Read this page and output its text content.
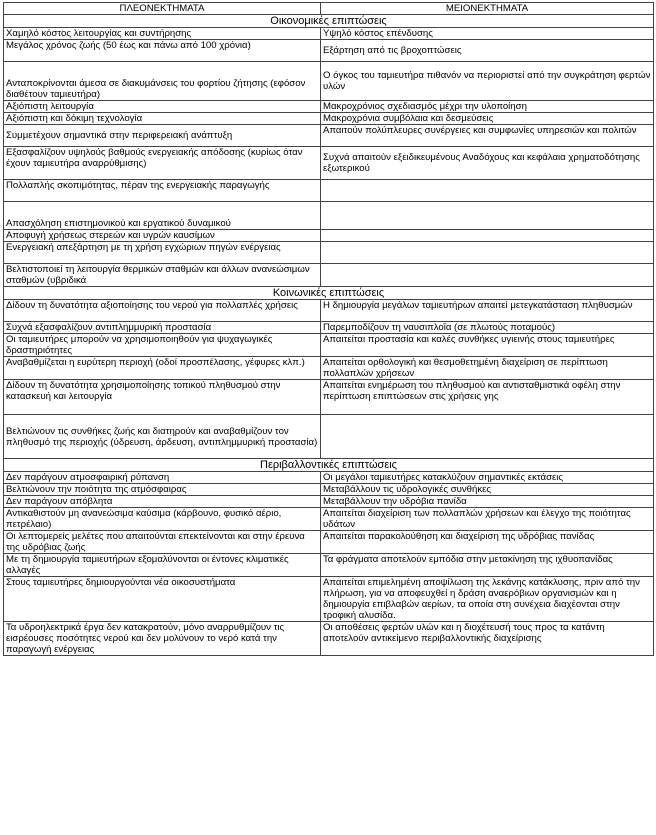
ΠΛΕΟΝΕΚΤΗΜΑΤΑ	ΜΕΙΟΝΕΚΤΗΜΑΤΑ
Οικονομικές επιπτώσεις	
Χαμηλό κόστος λειτουργίας και συντήρησης	Υψηλό κόστος επένδυσης
Μεγάλος χρόνος ζωής (50 έως και πάνω από 100 χρόνια)	Εξάρτηση από τις βροχοπτώσεις
Ανταποκρίνονται άμεσα σε διακυμάνσεις του φορτίου ζήτησης (εφόσον διαθέτουν ταμιευτήρα)	Ο όγκος του ταμιευτήρα πιθανόν να περιοριστεί από την συγκράτηση φερτών υλών
Αξιόπιστη λειτουργία	Μακροχρόνιος σχεδιασμός μέχρι την υλοποίηση
Αξιόπιστη και δόκιμη τεχνολογία	Μακροχρόνια συμβόλαια και δεσμεύσεις
Συμμετέχουν σημαντικά στην περιφερειακή ανάπτυξη	Απαιτούν πολύπλευρες συνέργειες και συμφωνίες υπηρεσιών και πολιτών
Εξασφαλίζουν υψηλούς βαθμούς ενεργειακής απόδοσης (κυρίως όταν έχουν ταμιευτήρα αναρρύθμισης)	Συχνά απαιτούν εξειδικευμένους Αναδόχους και κεφάλαια χρηματοδότησης εξωτερικού
Πολλαπλής σκοπιμότητας, πέραν της ενεργειακής παραγωγής	
Απασχόληση επιστημονικού και εργατικού δυναμικού	
Αποφυγή χρήσεως στερεών και υγρών καυσίμων	
Ενεργειακή απεξάρτηση με τη χρήση εγχώριων πηγών ενέργειας	
Βελτιστοποιεί τη λειτουργία θερμικών σταθμών και άλλων ανανεώσιμων σταθμών (υβριδικά	
Κοινωνικές επιπτώσεις	
Δίδουν τη δυνατότητα αξιοποίησης του νερού για πολλαπλές χρήσεις	Η δημιουργία μεγάλων ταμιευτήρων απαιτεί μετεγκατάσταση πληθυσμών
Συχνά εξασφαλίζουν αντιπλημμυρική προστασία	Παρεμποδίζουν τη ναυσιπλοΐα (σε πλωτούς ποταμούς)
Οι ταμιευτήρες μπορούν να χρησιμοποιηθούν για ψυχαγωγικές δραστηριότητες	Απαιτείται προστασία και καλές συνθήκες υγιεινής στους ταμιευτήρες
Αναβαθμίζεται η ευρύτερη περιοχή (οδοί προσπέλασης, γέφυρες κλπ.)	Απαιτείται ορθολογική και θεσμοθετημένη διαχείριση σε περίπτωση πολλαπλών χρήσεων
Δίδουν τη δυνατότητα χρησιμοποίησης τοπικού πληθυσμού στην κατασκευή και λειτουργία	Απαιτείται ενημέρωση του πληθυσμού και αντισταθμιστικά οφέλη στην περίπτωση επιπτώσεων στις χρήσεις γης
Βελτιώνουν τις συνθήκες ζωής και διατηρούν και αναβαθμίζουν τον πληθυσμό της περιοχής (ύδρευση, άρδευση, αντιπλημμυρική προστασία)	
Περιβαλλοντικές επιπτώσεις	
Δεν παράγουν ατμοσφαιρική ρύπανση	Οι μεγάλοι ταμιευτήρες κατακλύζουν σημαντικές εκτάσεις
Βελτιώνουν την ποιότητα της ατμόσφαιρας	Μεταβάλλουν τις υδρολογικές συνθήκες
Δεν παράγουν απόβλητα	Μεταβάλλουν την υδρόβια πανίδα
Αντικαθιστούν μη ανανεώσιμα καύσιμα (κάρβουνο, φυσικό αέριο, πετρέλαιο)	Απαιτείται διαχείριση των πολλαπλών χρήσεων και έλεγχο της ποιότητας υδάτων
Οι λεπτομερείς μελέτες που απαιτούνται επεκτείνονται και στην έρευνα της υδρόβιας ζωής	Απαιτείται παρακολούθηση και διαχείριση της υδρόβιας πανίδας
Με τη δημιουργία ταμιευτήρων εξομαλύνονται οι έντονες κλιματικές αλλαγές	Τα φράγματα αποτελούν εμπόδια στην μετακίνηση της ιχθυοπανίδας
Στους ταμιευτήρες δημιουργούνται νέα οικοσυστήματα	Απαιτείται επιμελημένη αποψίλωση της λεκάνης κατάκλυσης, πριν από την πλήρωση, για να αποφευχθεί η δράση αναερόβιων οργανισμών και η δημιουργία επιβλαβών αερίων, τα οποία στη συνέχεια διαχέονται στην τροφική αλυσίδα.
Τα υδροηλεκτρικά έργα δεν κατακρατούν, μόνο αναρρυθμίζουν τις εισρέουσες ποσότητες νερού και δεν μολύνουν το νερό κατά την παραγωγή ενέργειας	Οι αποθέσεις φερτών υλών και η διοχέτευσή τους προς τα κατάντη αποτελούν αντικείμενο περιβαλλοντικής διαχείρισης
